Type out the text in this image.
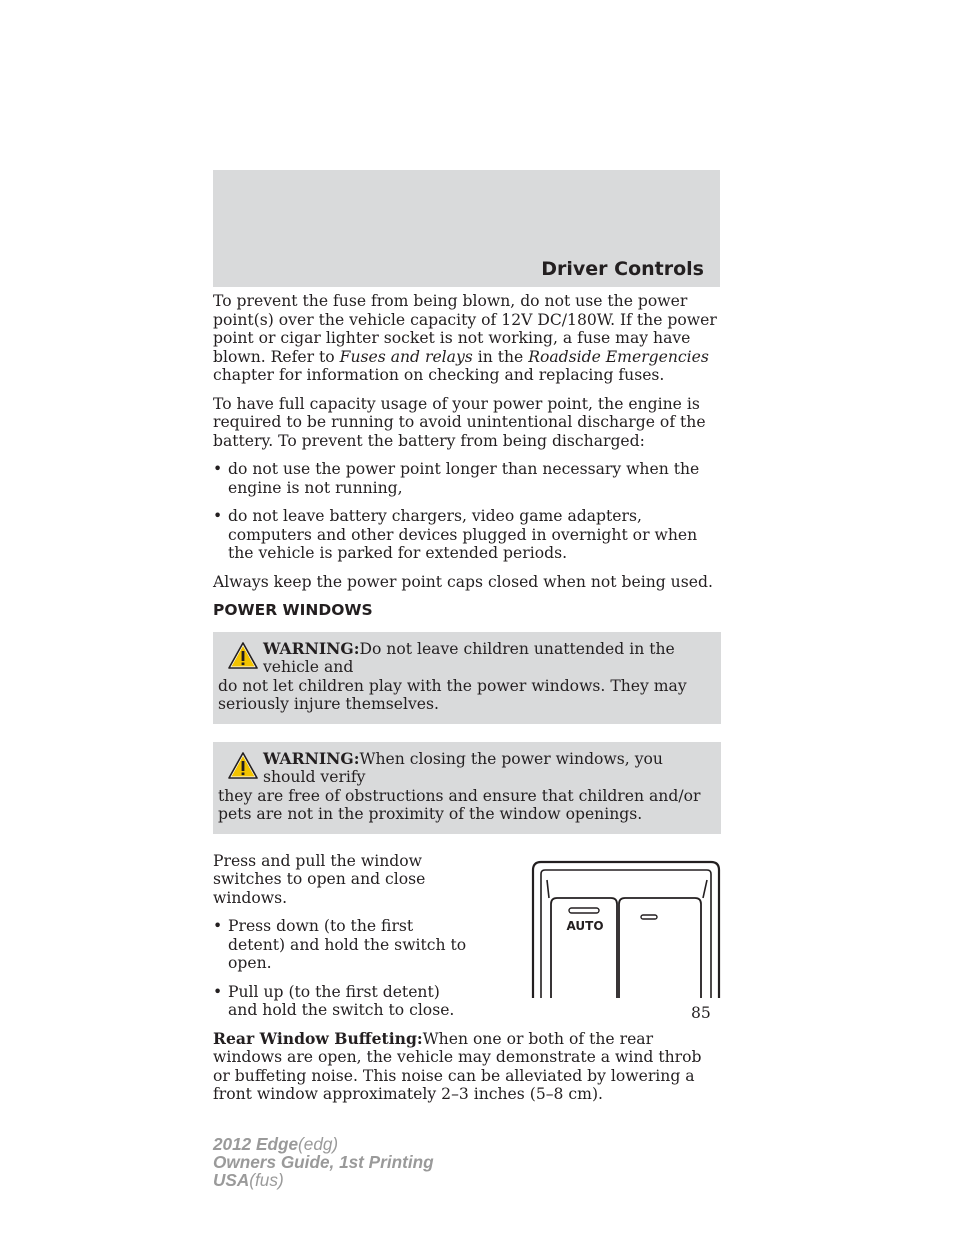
Driver Controls

To prevent the fuse from being blown, do not use the power point(s) over the vehicle capacity of 12V DC/180W. If the power point or cigar lighter socket is not working, a fuse may have blown. Refer to Fuses and relays in the Roadside Emergencies chapter for information on checking and replacing fuses.

To have full capacity usage of your power point, the engine is required to be running to avoid unintentional discharge of the battery. To prevent the battery from being discharged:

• do not use the power point longer than necessary when the engine is not running,
• do not leave battery chargers, video game adapters, computers and other devices plugged in overnight or when the vehicle is parked for extended periods.

Always keep the power point caps closed when not being used.

POWER WINDOWS
WARNING:Do not leave children unattended in the vehicle and
do not let children play with the power windows. They may seriously injure themselves.
WARNING:When closing the power windows, you should verify
they are free of obstructions and ensure that children and/or pets are not in the proximity of the window openings.

Press and pull the window switches to open and close windows.

• Press down (to the first detent) and hold the switch to open.
• Pull up (to the first detent) and hold the switch to close.
AUTO

Rear Window Buffeting:When one or both of the rear windows are open, the vehicle may demonstrate a wind throb or buffeting noise. This noise can be alleviated by lowering a front window approximately 2–3 inches (5–8 cm).

85

2012 Edge(edg)
Owners Guide, 1st Printing
USA(fus)
